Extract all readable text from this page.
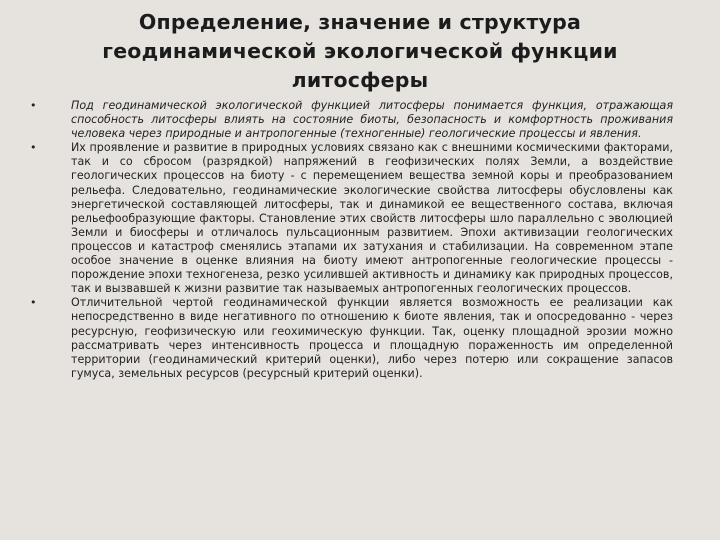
Определение, значение и структура геодинамической экологической функции литосферы
•	Под геодинамической экологической функцией литосферы понимается функция, отражающая способность литосферы влиять на состояние биоты, безопасность и комфортность проживания человека через природные и антропогенные (техногенные) геологические процессы и явления.
•	Их проявление и развитие в природных условиях связано как с внешними космическими факторами, так и со сбросом (разрядкой) напряжений в геофизических полях Земли, а воздействие геологических процессов на биоту - с перемещением вещества земной коры и преобразованием рельефа. Следовательно, геодинамические экологические свойства литосферы обусловлены как энергетической составляющей литосферы, так и динамикой ее вещественного состава, включая рельефообразующие факторы. Становление этих свойств литосферы шло параллельно с эволюцией Земли и биосферы и отличалось пульсационным развитием. Эпохи активизации геологических процессов и катастроф сменялись этапами их затухания и стабилизации. На современном этапе особое значение в оценке влияния на биоту имеют антропогенные геологические процессы - порождение эпохи техногенеза, резко усилившей активность и динамику как природных процессов, так и вызвавшей к жизни развитие так называемых антропогенных геологических процессов.
•	Отличительной чертой геодинамической функции является возможность ее реализации как непосредственно в виде негативного по отношению к биоте явления, так и опосредованно - через ресурсную, геофизическую или геохимическую функции. Так, оценку площадной эрозии можно рассматривать через интенсивность процесса и площадную пораженность им определенной территории (геодинамический критерий оценки), либо через потерю или сокращение запасов гумуса, земельных ресурсов (ресурсный критерий оценки).
